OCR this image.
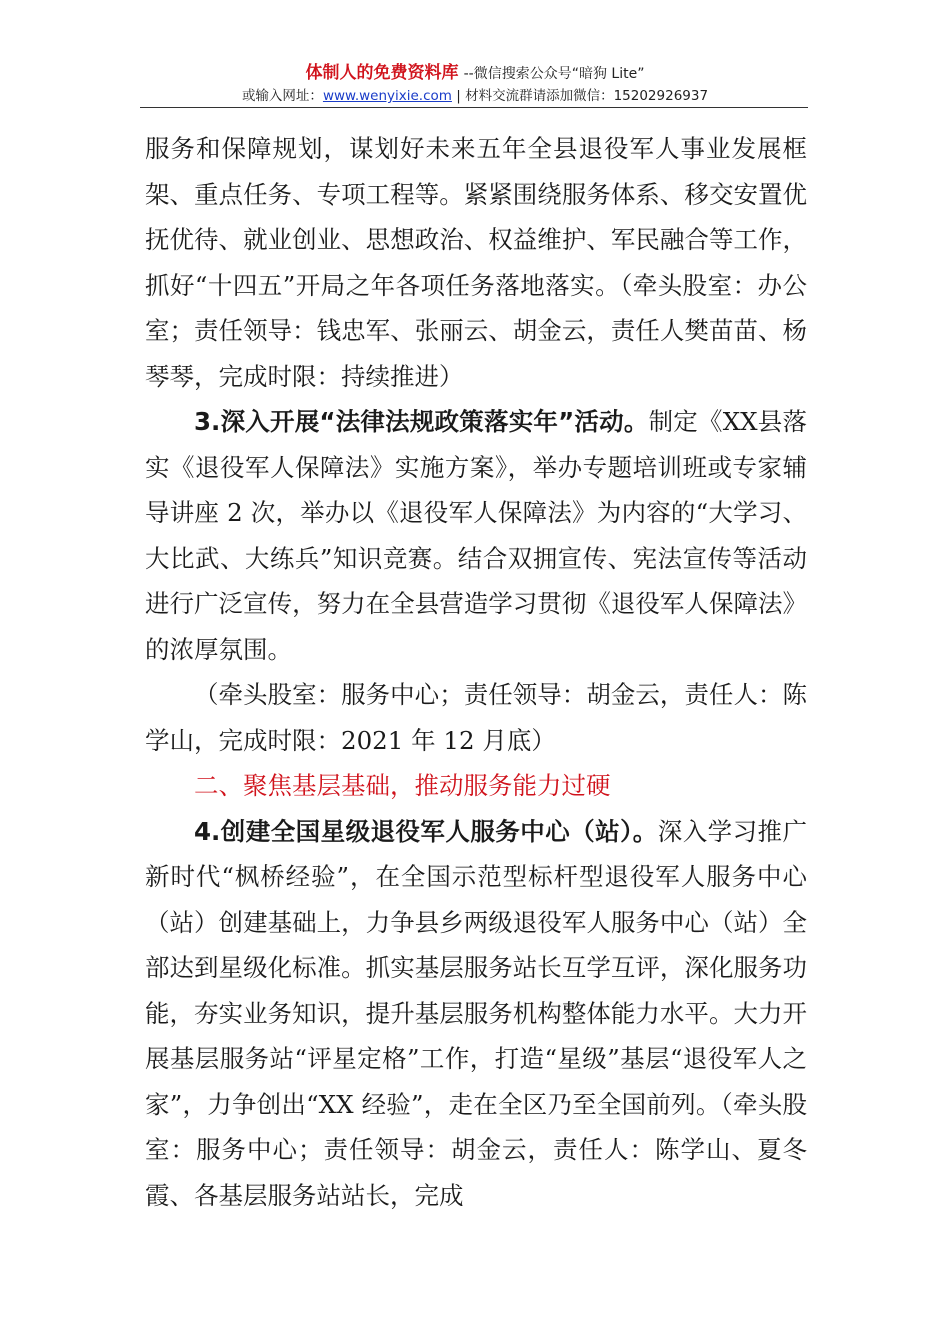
体制人的免费资料库 --微信搜索公众号“暗狗 Lite”
或输入网址：www.wenyixie.com | 材料交流群请添加微信：15202926937

服务和保障规划，谋划好未来五年全县退役军人事业发展框架、重点任务、专项工程等。紧紧围绕服务体系、移交安置优抚优待、就业创业、思想政治、权益维护、军民融合等工作，抓好“十四五”开局之年各项任务落地落实。（牵头股室：办公室；责任领导：钱忠军、张丽云、胡金云，责任人樊苗苗、杨琴琴，完成时限：持续推进）

3.深入开展“法律法规政策落实年”活动。制定《XX县落实《退役军人保障法》实施方案》，举办专题培训班或专家辅导讲座 2 次，举办以《退役军人保障法》为内容的“大学习、大比武、大练兵”知识竞赛。结合双拥宣传、宪法宣传等活动进行广泛宣传，努力在全县营造学习贯彻《退役军人保障法》的浓厚氛围。

（牵头股室：服务中心；责任领导：胡金云，责任人：陈学山，完成时限：2021 年 12 月底）

二、聚焦基层基础，推动服务能力过硬

4.创建全国星级退役军人服务中心（站）。深入学习推广新时代“枫桥经验”，在全国示范型标杆型退役军人服务中心（站）创建基础上，力争县乡两级退役军人服务中心（站）全部达到星级化标准。抓实基层服务站长互学互评，深化服务功能，夯实业务知识，提升基层服务机构整体能力水平。大力开展基层服务站“评星定格”工作，打造“星级”基层“退役军人之家”，力争创出“XX 经验”，走在全区乃至全国前列。（牵头股室：服务中心；责任领导：胡金云，责任人：陈学山、夏冬霞、各基层服务站站长，完成
